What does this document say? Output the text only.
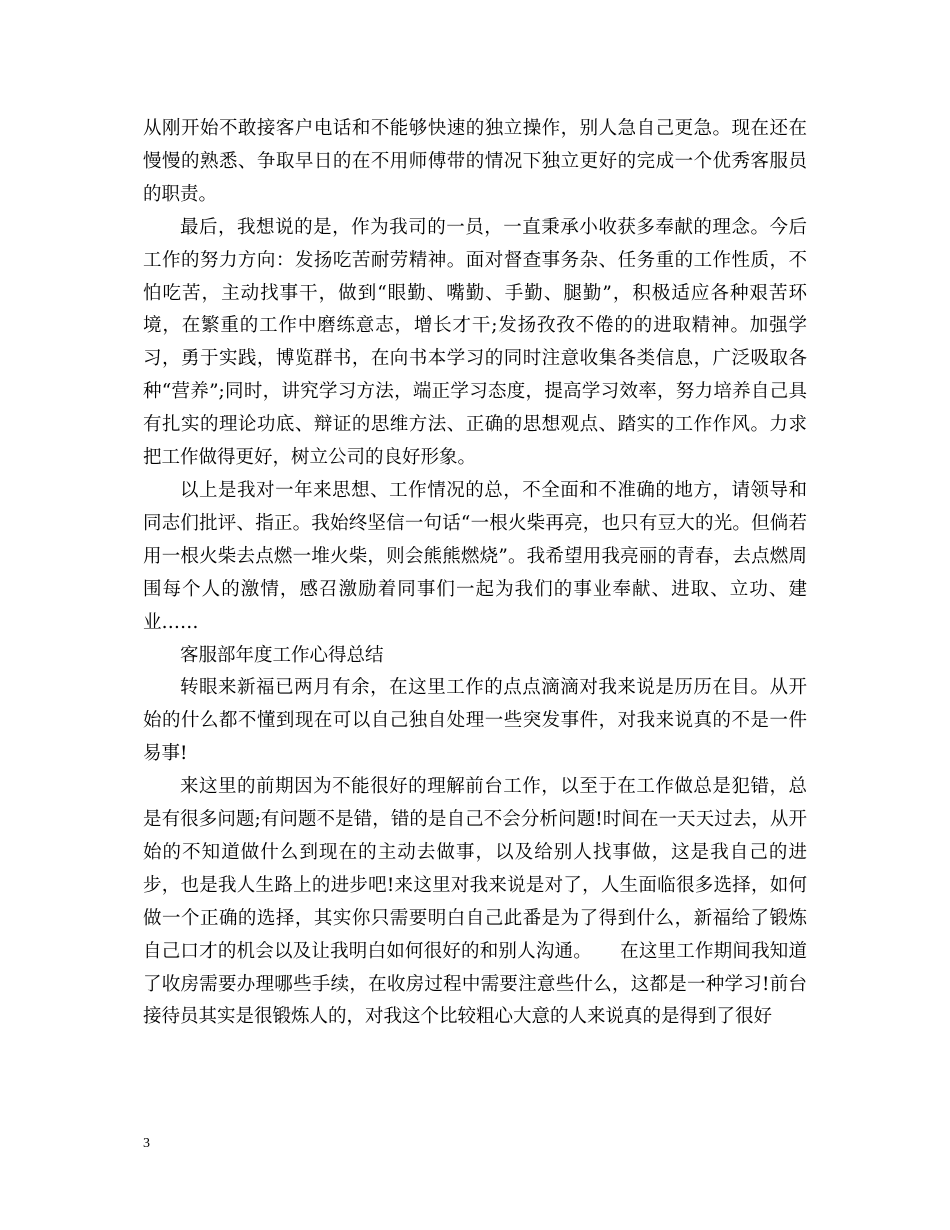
从刚开始不敢接客户电话和不能够快速的独立操作，别人急自己更急。现在还在慢慢的熟悉、争取早日的在不用师傅带的情况下独立更好的完成一个优秀客服员的职责。

最后，我想说的是，作为我司的一员，一直秉承小收获多奉献的理念。今后工作的努力方向：发扬吃苦耐劳精神。面对督查事务杂、任务重的工作性质，不怕吃苦，主动找事干，做到“眼勤、嘴勤、手勤、腿勤”，积极适应各种艰苦环境，在繁重的工作中磨练意志，增长才干;发扬孜孜不倦的的进取精神。加强学习，勇于实践，博览群书，在向书本学习的同时注意收集各类信息，广泛吸取各种“营养”;同时，讲究学习方法，端正学习态度，提高学习效率，努力培养自己具有扎实的理论功底、辩证的思维方法、正确的思想观点、踏实的工作作风。力求把工作做得更好，树立公司的良好形象。

以上是我对一年来思想、工作情况的总，不全面和不准确的地方，请领导和同志们批评、指正。我始终坚信一句话“一根火柴再亮，也只有豆大的光。但倘若用一根火柴去点燃一堆火柴，则会熊熊燃烧”。我希望用我亮丽的青春，去点燃周围每个人的激情，感召激励着同事们一起为我们的事业奉献、进取、立功、建业……

客服部年度工作心得总结

转眼来新福已两月有余，在这里工作的点点滴滴对我来说是历历在目。从开始的什么都不懂到现在可以自己独自处理一些突发事件，对我来说真的不是一件易事!

来这里的前期因为不能很好的理解前台工作，以至于在工作做总是犯错，总是有很多问题;有问题不是错，错的是自己不会分析问题!时间在一天天过去，从开始的不知道做什么到现在的主动去做事，以及给别人找事做，这是我自己的进步，也是我人生路上的进步吧!来这里对我来说是对了，人生面临很多选择，如何做一个正确的选择，其实你只需要明白自己此番是为了得到什么，新福给了锻炼自己口才的机会以及让我明白如何很好的和别人沟通。　　在这里工作期间我知道了收房需要办理哪些手续，在收房过程中需要注意些什么，这都是一种学习!前台接待员其实是很锻炼人的，对我这个比较粗心大意的人来说真的是得到了很好

3
